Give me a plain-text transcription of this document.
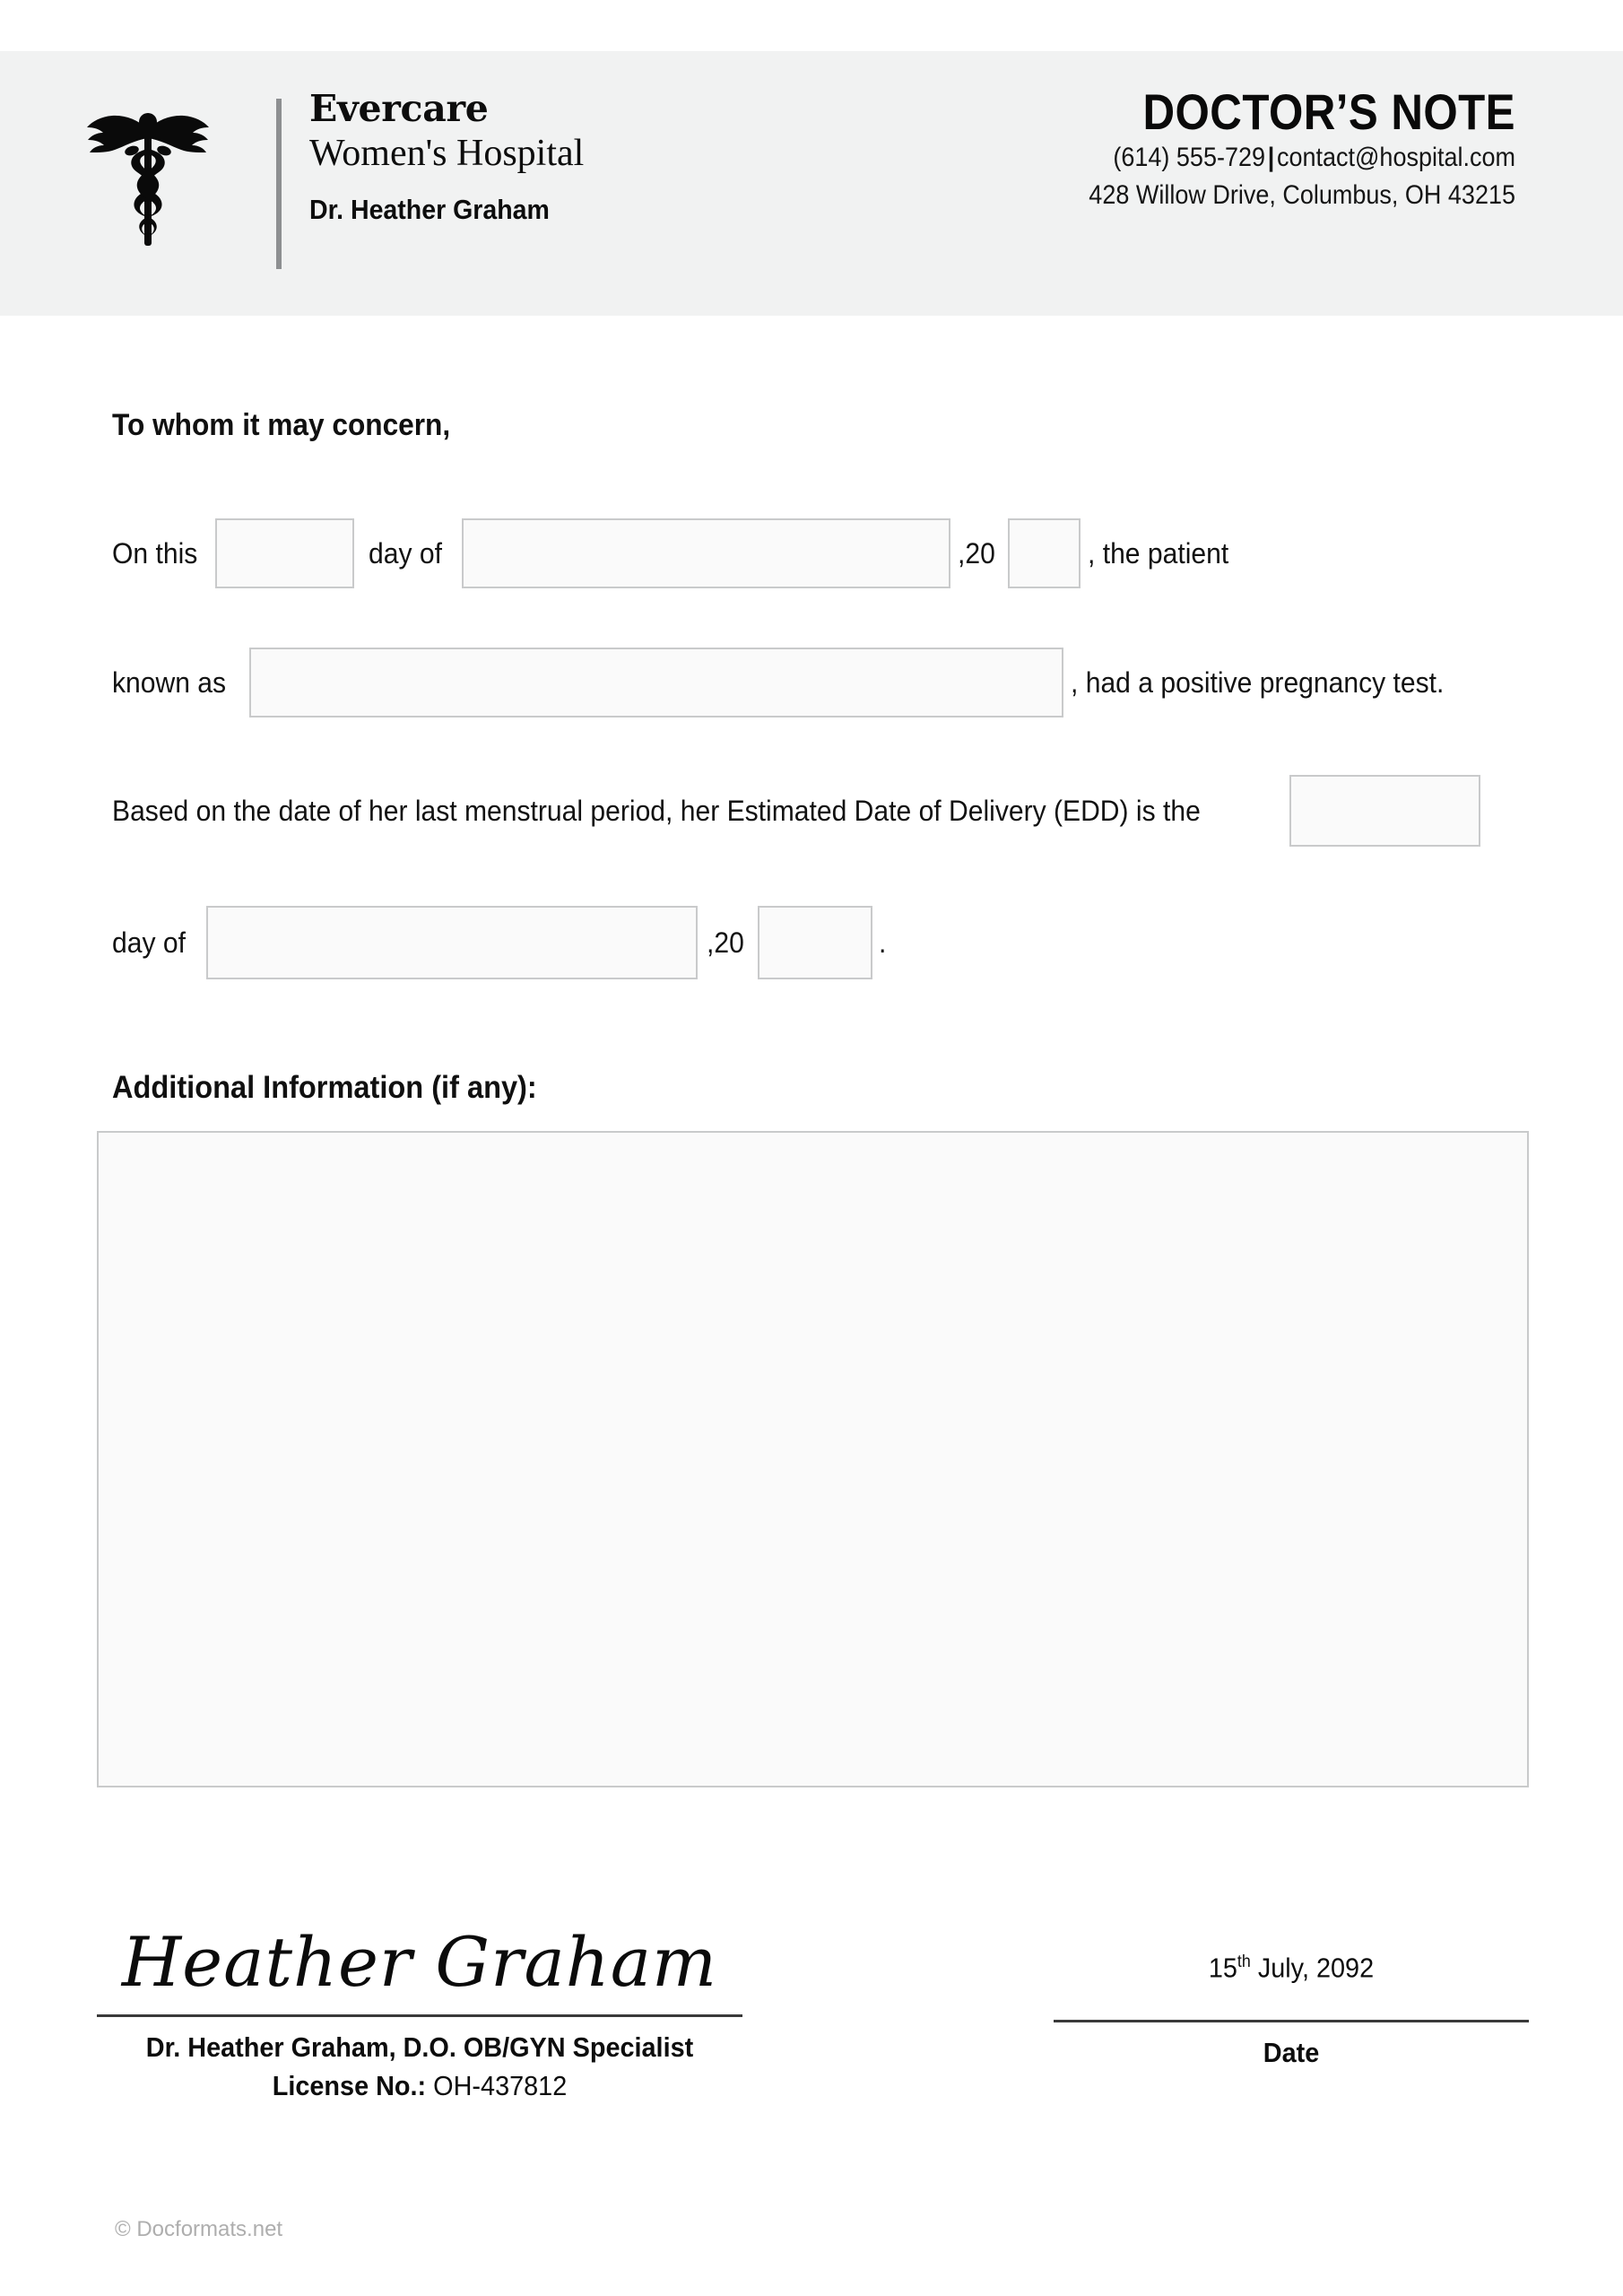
Evercare
Women's Hospital
Dr. Heather Graham
DOCTOR’S NOTE
(614) 555-729|contact@hospital.com
428 Willow Drive, Columbus, OH 43215
To whom it may concern,
On this	day of	,20	, the patient
known as	, had a positive pregnancy test.
Based on the date of her last menstrual period, her Estimated Date of Delivery (EDD) is the
day of	,20	.
Additional Information (if any):
Heather Graham
Dr. Heather Graham, D.O. OB/GYN Specialist
License No.: OH-437812
15th July, 2092
Date
© Docformats.net
